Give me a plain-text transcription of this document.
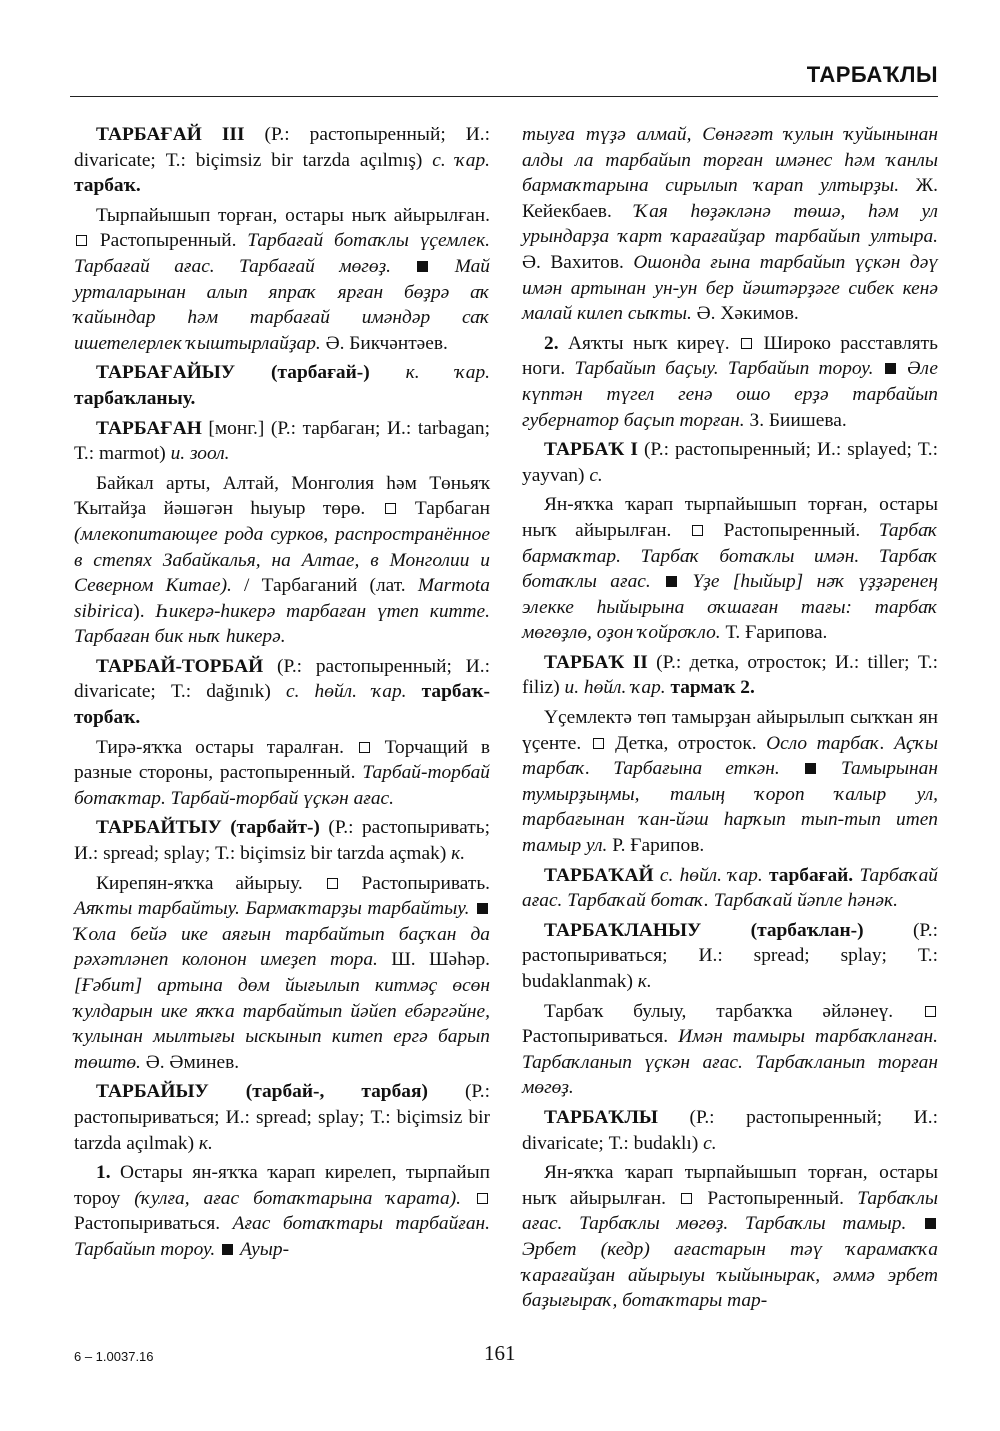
ТАРБАҠЛЫ

ТАРБАҒАЙ III (Р.: растопыренный; И.: divaricate; Т.: biçimsiz bir tarzda açılmış) с. ҡар. тарбаҡ.

Тырпайышып торған, остары ныҡ айырылған.  Растопыренный. Тарбағай ботаҡлы үҫемлек. Тарбағай ағас. Тарбағай мөгөҙ.	Май урталарынан алып япраҡ ярған бөҙрә аҡ ҡайындар һәм тарбағай имәндәр саҡ ишетелерлек ҡыштырлайҙар. Ә. Бикчәнтәев.

ТАРБАҒАЙЫУ (тарбағай-) к. ҡар. тарбаҡланыу.

ТАРБАҒАН [монг.] (Р.: тарбаган; И.: tarbagan; Т.: marmot) и. зоол.

Байкал арты, Алтай, Монголия һәм Төньяҡ Ҡытайҙа йәшәгән һыуыр төрө.  Тарбаган (млекопитающее рода сурков, распространённое в степях Забайкалья, на Алтае, в Монголии и Северном Китае). / Тарбаганий (лат. Marmota sibirica). Һикерә-һикерә тарбаған үтеп китте. Тарбаған бик ныҡ һикерә.

ТАРБАЙ-ТОРБАЙ (Р.: растопыренный; И.: divaricate; Т.: dağınık) с. һөйл. ҡар. тарбаҡ-торбаҡ.

Тирә-яҡҡа остары таралған.  Торчащий в разные стороны, растопыренный. Тарбай-торбай ботаҡтар. Тарбай-торбай үҫкән ағас.

ТАРБАЙТЫУ (тарбайт-) (Р.: растопыривать; И.: spread; splay; Т.: biçimsiz bir tarzda açmak) к.

Кирепян-яҡҡа айырыу.  Растопыривать. Аяҡты тарбайтыу. Бармаҡтарҙы тарбайтыу.  Ҡола бейә ике аяғын тарбайтып баҫҡан да рәхәтләнеп колонон имеҙеп тора. Ш. Шәһәр. [Ғәбит] артына дөм йығылып китмәҫ өсөн ҡулдарын ике яҡҡа тарбайтып йәйеп ебәргәйне, ҡулынан мылтығы ыскынып китеп ергә барып төштө. Ә. Әминев.

ТАРБАЙЫУ (тарбай-, тарбая) (Р.: растопыриваться; И.: spread; splay; Т.: biçimsiz bir tarzda açılmak) к.

1. Остары ян-яҡҡа ҡарап кирелеп, тырпайып тороу (ҡулға, ағас ботаҡтарына ҡарата).  Растопыриваться. Ағас ботаҡтары тарбайған. Тарбайып тороу.  Ауыр-

тыуға түҙә алмай, Сөнәғәт ҡулын ҡуйынынан алды ла тарбайып торған имәнес һәм ҡанлы бармаҡтарына сирылып ҡарап ултырҙы. Ж. Кейекбаев. Ҡая һөҙәкләнә төшә, һәм ул урындарҙа ҡарт ҡарағайҙар тарбайып ултыра. Ә. Вахитов. Ошонда ғына тарбайып үҫкән дәү имән артынан ун-ун бер йәштәрҙәге сибек кенә малай килеп сыҡты. Ә. Хәкимов.

2. Аяҡты ныҡ киреү.  Широко расставлять ноги. Тарбайып баҫыу. Тарбайып тороу. Әле күптән түгел генә ошо ерҙә тарбайып губернатор баҫып торған. З. Биишева.

ТАРБАҠ I (Р.: растопыренный; И.: splayed; Т.: yayvan) с.

Ян-яҡҡа ҡарап тырпайышып торған, остары ныҡ айырылған.  Растопыренный. Тарбаҡ бармаҡтар. Тарбаҡ ботаҡлы имән. Тарбаҡ ботаҡлы ағас. Үҙе [һыйыр] нәҡ үҙҙәренең элекке һыйырына оҡшаған тағы: тарбаҡ мөгөҙлө, оҙон ҡойроҡло. Т. Ғарипова.

ТАРБАҠ II (Р.: детка, отросток; И.: tiller; Т.: filiz) и. һөйл. ҡар. тармаҡ 2.

Үҫемлектә төп тамырҙан айырылып сыҡҡан ян үҫенте.  Детка, отросток. Осло тарбаҡ. Аҫҡы тарбаҡ. Тарбағына еткән.	Тамырынан тумырҙыңмы, талың ҡороп ҡалыр ул, тарбағынан ҡан-йәш һарҡып тып-тып итеп тамыр ул. Р. Ғарипов.

ТАРБАҠАЙ с. һөйл. ҡар. тарбағай. Тарбаҡай ағас. Тарбаҡай ботаҡ. Тарбаҡай йәпле һәнәк.

ТАРБАҠЛАНЫУ (тарбаҡлан-) (Р.: растопыриваться; И.: spread; splay; Т.: budaklanmak) к.

Тарбаҡ булыу, тарбаҡҡа әйләнеү.  Растопыриваться. Имән тамыры тарбаҡланған. Тарбаҡланып үҫкән ағас. Тарбаҡланып торған мөгөҙ.

ТАРБАҠЛЫ (Р.: растопыренный; И.: divaricate; Т.: budaklı) с.

Ян-яҡҡа ҡарап тырпайышып торған, остары ныҡ айырылған.  Растопыренный. Тарбаҡлы ағас. Тарбаҡлы мөгөҙ. Тарбаҡлы тамыр.  Эрбет (кедр) ағастарын тәү ҡарамаҡҡа ҡарағайҙан айырыуы ҡыйынырак, әммә эрбет баҙығыраҡ, ботаҡтары тар-

6 – 1.0037.16	161
